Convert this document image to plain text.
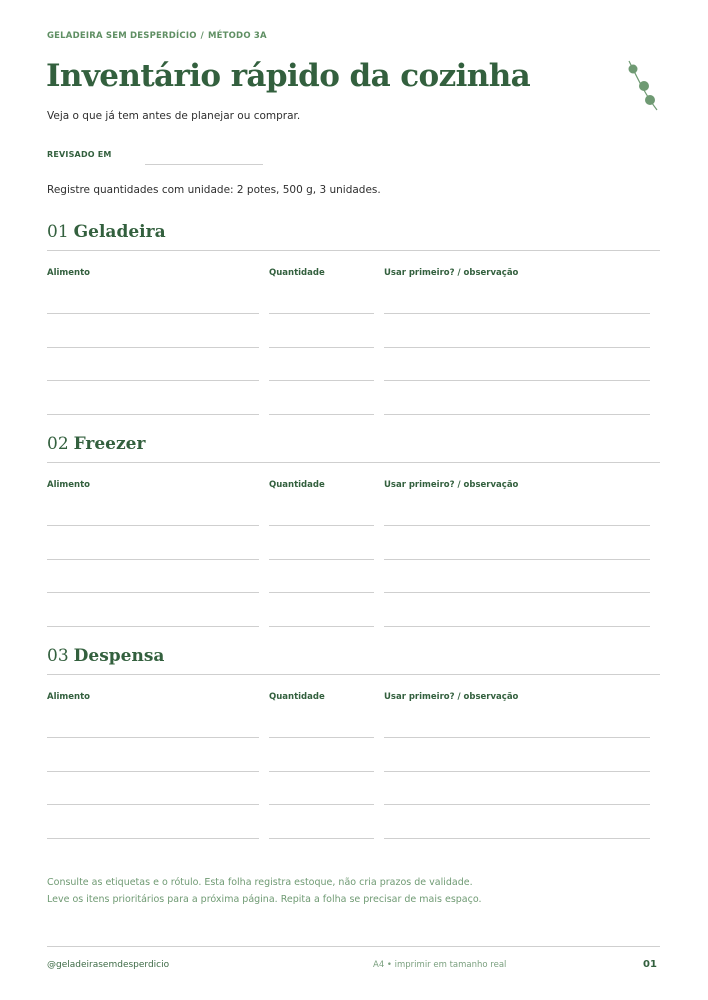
GELADEIRA SEM DESPERDÍCIO / MÉTODO 3A
Inventário rápido da cozinha
Veja o que já tem antes de planejar ou comprar.
REVISADO EM
Registre quantidades com unidade: 2 potes, 500 g, 3 unidades.
01 Geladeira
Alimento	Quantidade	Usar primeiro? / observação
02 Freezer
Alimento	Quantidade	Usar primeiro? / observação
03 Despensa
Alimento	Quantidade	Usar primeiro? / observação
Consulte as etiquetas e o rótulo. Esta folha registra estoque, não cria prazos de validade.
Leve os itens prioritários para a próxima página. Repita a folha se precisar de mais espaço.
@geladeirasemdesperdicio	A4 • imprimir em tamanho real	01
